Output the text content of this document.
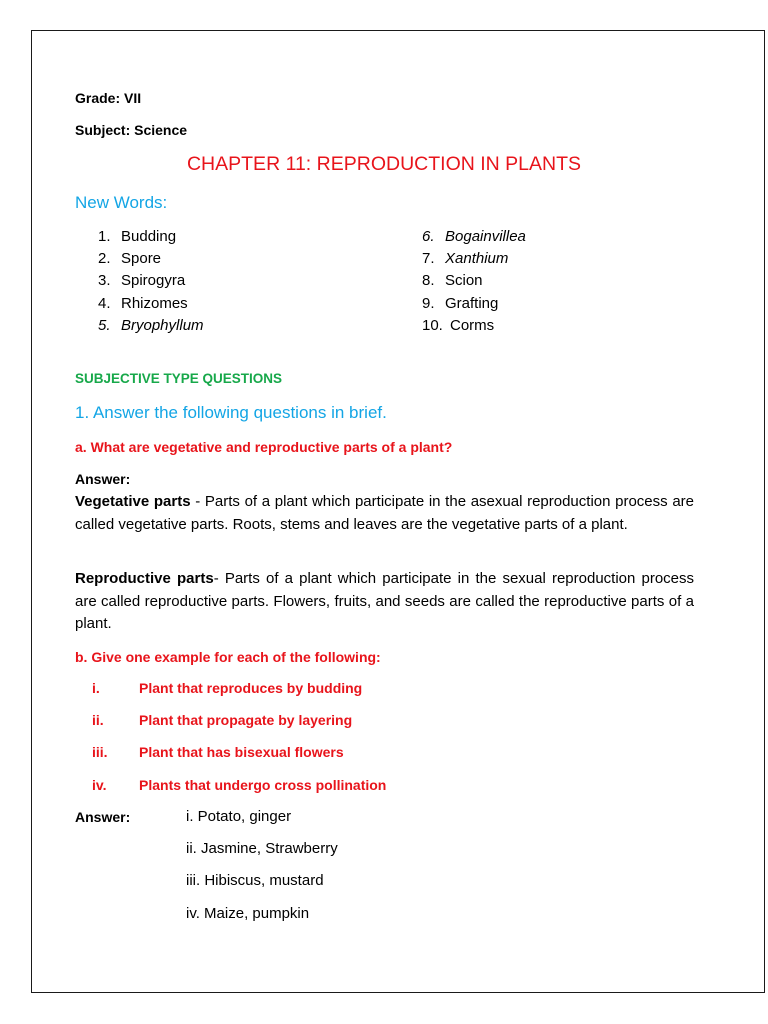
Grade: VII
Subject: Science
CHAPTER 11: REPRODUCTION IN PLANTS
New Words:
1. Budding
2. Spore
3. Spirogyra
4. Rhizomes
5. Bryophyllum
6. Bogainvillea
7. Xanthium
8. Scion
9. Grafting
10. Corms
SUBJECTIVE TYPE QUESTIONS
1. Answer the following questions in brief.
a. What are vegetative and reproductive parts of a plant?
Answer:
Vegetative parts - Parts of a plant which participate in the asexual reproduction process are called vegetative parts. Roots, stems and leaves are the vegetative parts of a plant.
Reproductive parts- Parts of a plant which participate in the sexual reproduction process are called reproductive parts. Flowers, fruits, and seeds are called the reproductive parts of a plant.
b. Give one example for each of the following:
i.	Plant that reproduces by budding
ii.	Plant that propagate by layering
iii. Plant that has bisexual flowers
iv. Plants that undergo cross pollination
Answer:	i. Potato, ginger
ii. Jasmine, Strawberry
iii. Hibiscus, mustard
iv. Maize, pumpkin
